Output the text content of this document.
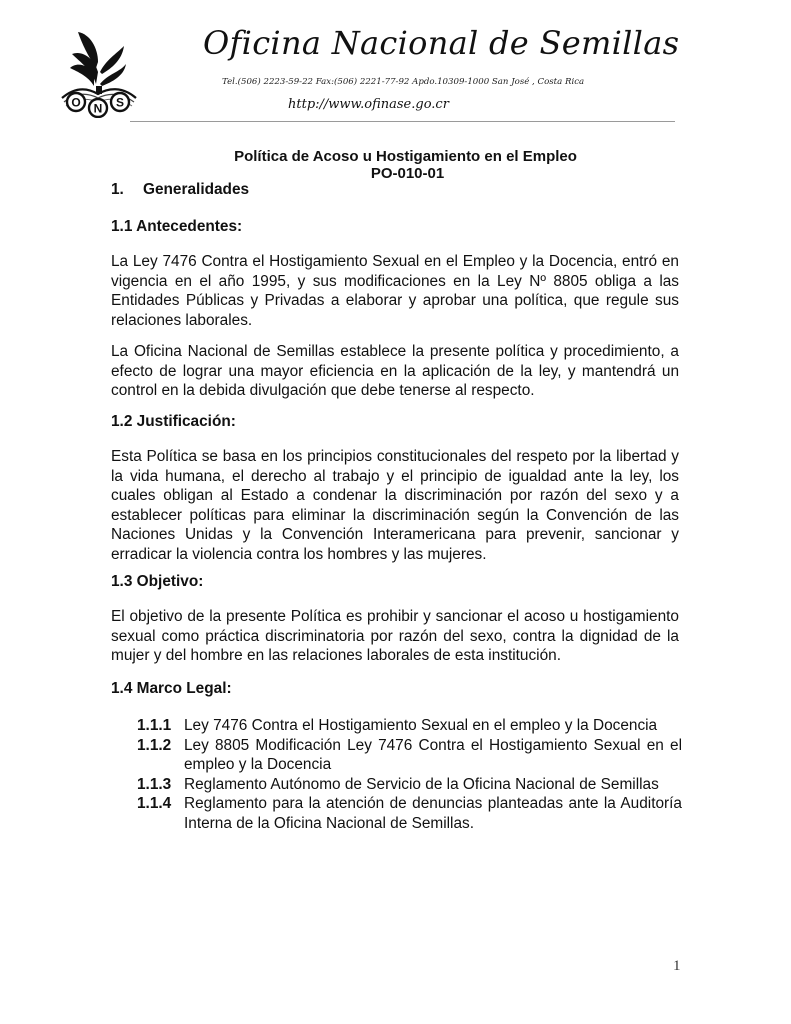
O N S
Oficina Nacional de Semillas
Tel.(506) 2223-59-22 Fax:(506) 2221-77-92 Apdo.10309-1000 San José , Costa Rica
http://www.ofinase.go.cr
Política de Acoso u Hostigamiento en el Empleo
PO-010-01
1. Generalidades
1.1 Antecedentes:

La Ley 7476 Contra el Hostigamiento Sexual en el Empleo y la Docencia, entró en vigencia en el año 1995, y sus modificaciones en la Ley Nº 8805 obliga a las Entidades Públicas y Privadas a elaborar y aprobar una política, que regule sus relaciones laborales.

La Oficina Nacional de Semillas establece la presente política y procedimiento, a efecto de lograr una mayor eficiencia en la aplicación de la ley, y mantendrá un control en la debida divulgación que debe tenerse al respecto.

1.2 Justificación:

Esta Política se basa en los principios constitucionales del respeto por la libertad y la vida humana, el derecho al trabajo y el principio de igualdad ante la ley, los cuales obligan al Estado a condenar la discriminación por razón del sexo y a establecer políticas para eliminar la discriminación según la Convención de las Naciones Unidas y la Convención Interamericana para prevenir, sancionar y erradicar la violencia contra los hombres y las mujeres.

1.3 Objetivo:

El objetivo de la presente Política es prohibir y sancionar el acoso u hostigamiento sexual como práctica discriminatoria por razón del sexo, contra la dignidad de la mujer y del hombre en las relaciones laborales de esta institución.

1.4 Marco Legal:
1.1.1 Ley 7476 Contra el Hostigamiento Sexual en el empleo y la Docencia
1.1.2 Ley 8805 Modificación Ley 7476 Contra el Hostigamiento Sexual en el empleo y la Docencia
1.1.3 Reglamento Autónomo de Servicio de la Oficina Nacional de Semillas
1.1.4 Reglamento para la atención de denuncias planteadas ante la Auditoría Interna de la Oficina Nacional de Semillas.
1
